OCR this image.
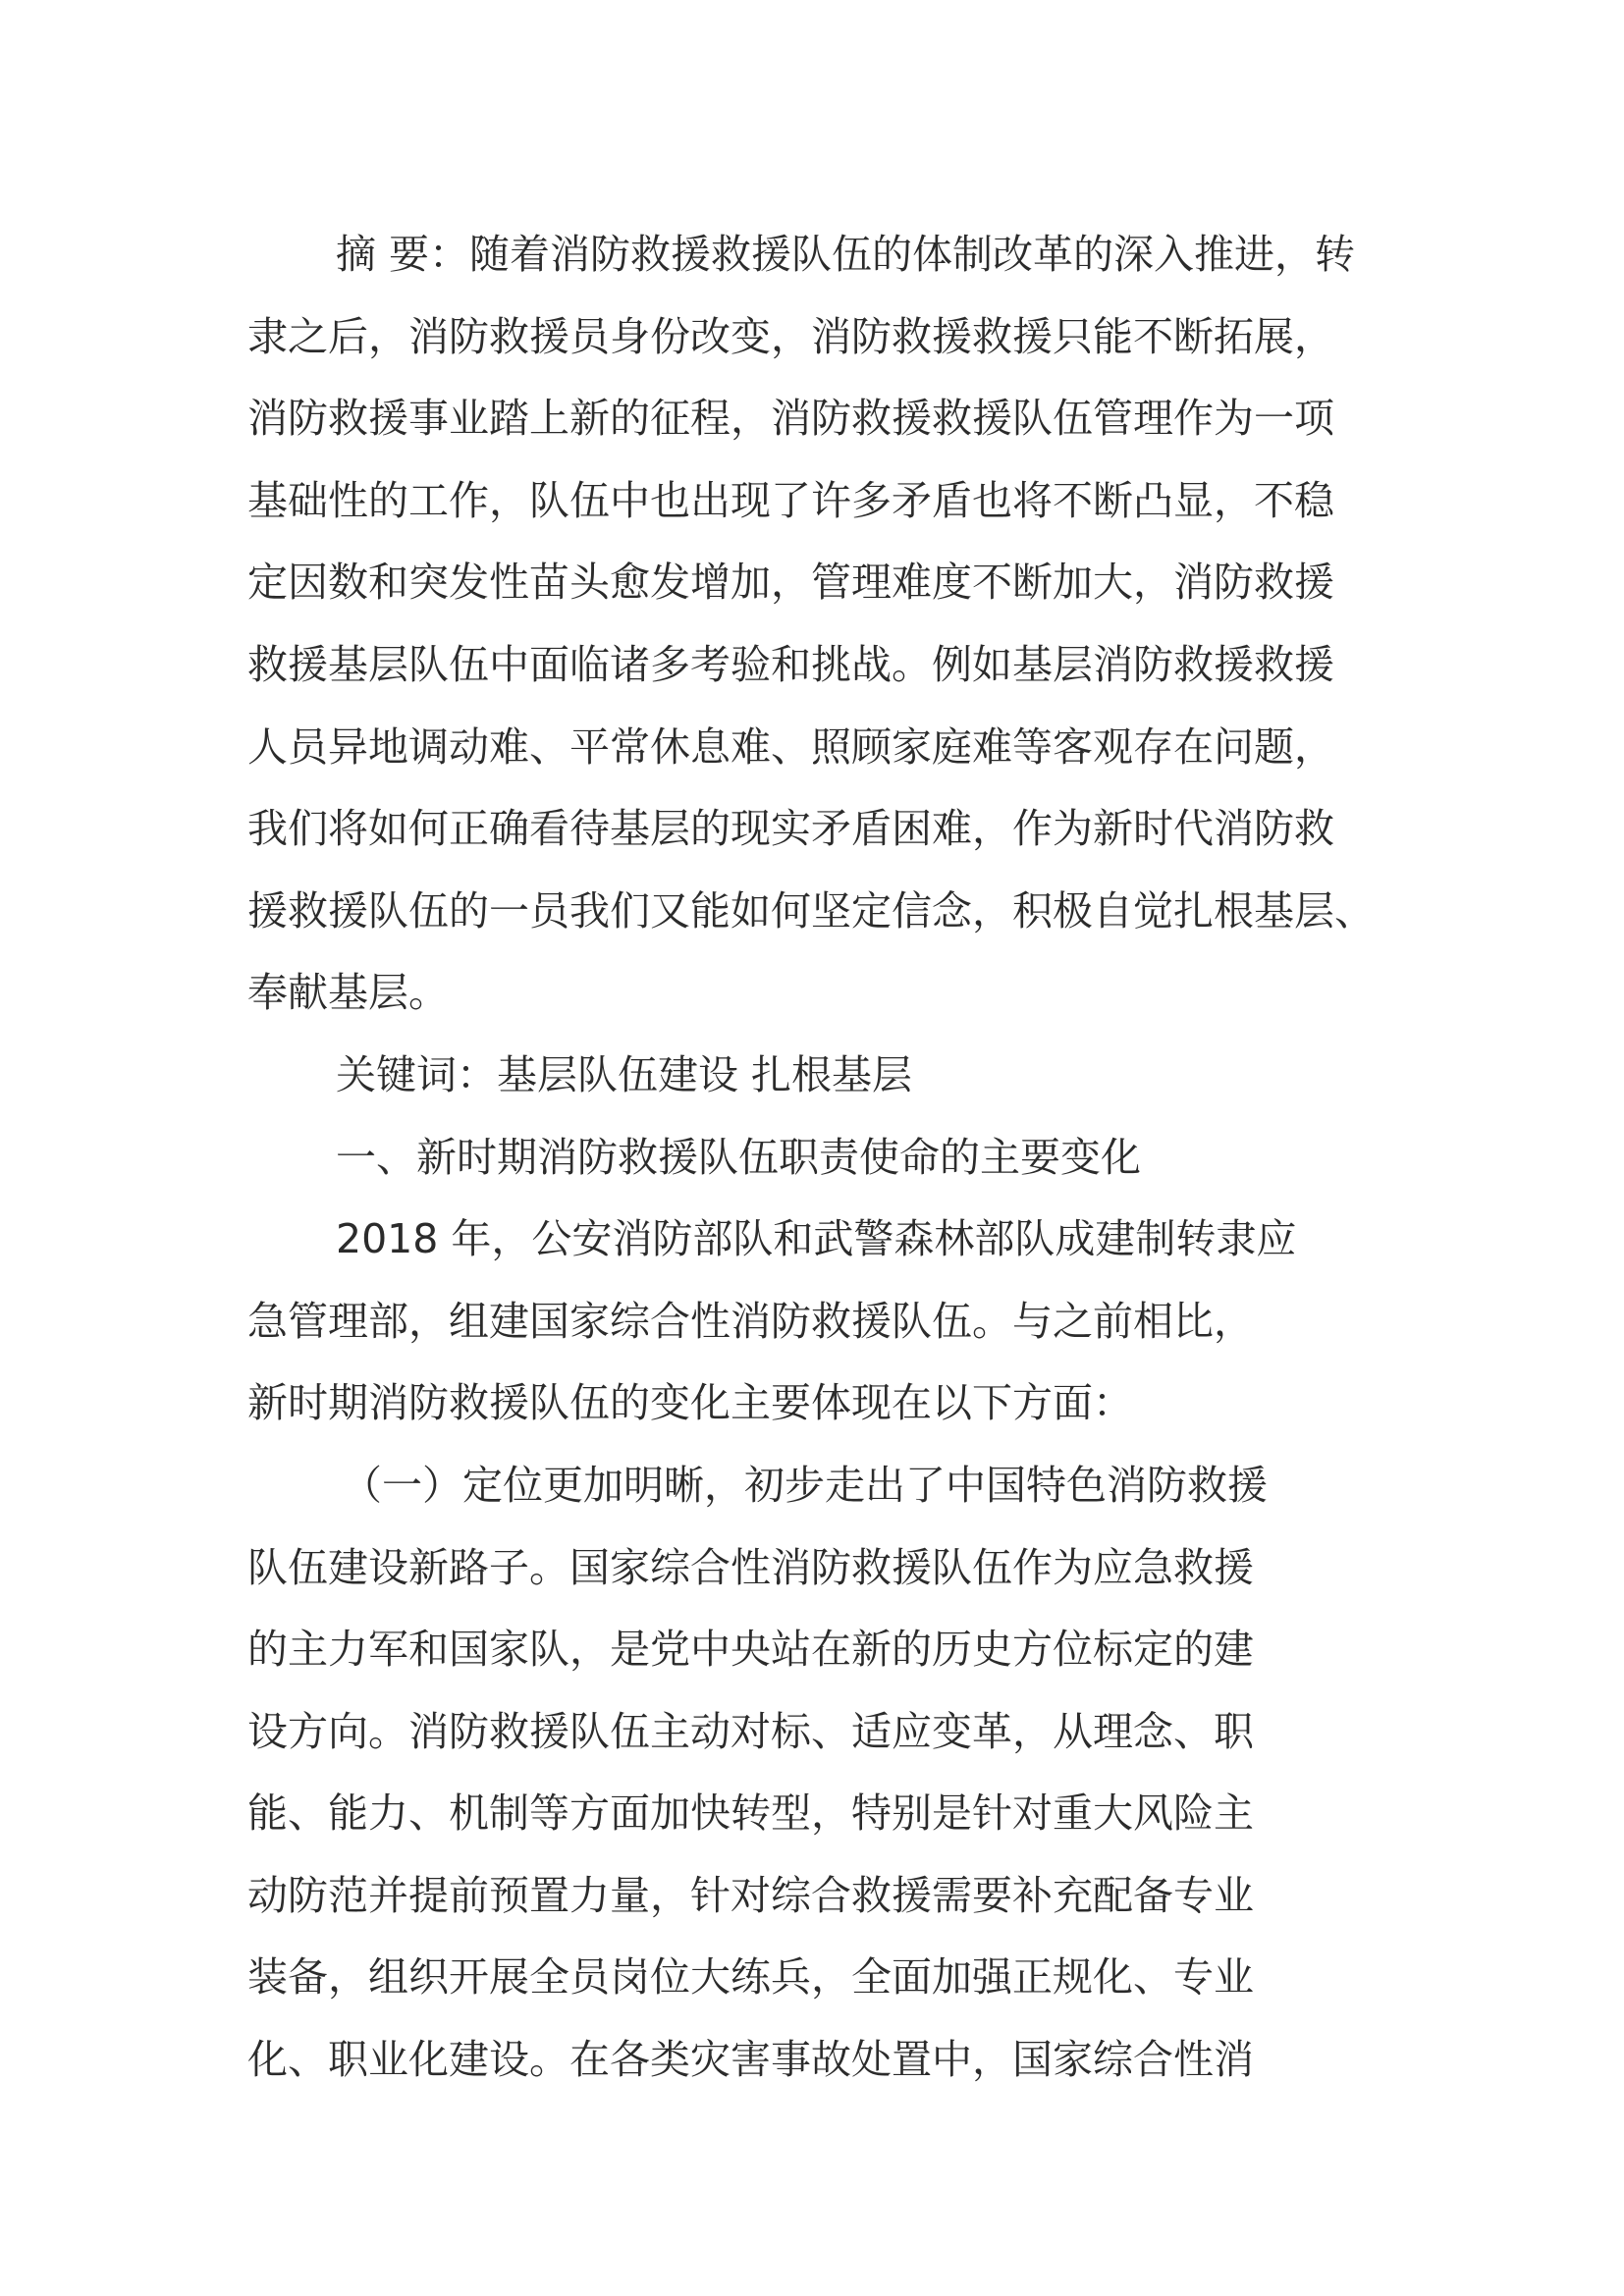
摘 要：随着消防救援救援队伍的体制改革的深入推进，转
隶之后，消防救援员身份改变，消防救援救援只能不断拓展，
消防救援事业踏上新的征程，消防救援救援队伍管理作为一项
基础性的工作，队伍中也出现了许多矛盾也将不断凸显，不稳
定因数和突发性苗头愈发增加，管理难度不断加大，消防救援
救援基层队伍中面临诸多考验和挑战。例如基层消防救援救援
人员异地调动难、平常休息难、照顾家庭难等客观存在问题，
我们将如何正确看待基层的现实矛盾困难，作为新时代消防救
援救援队伍的一员我们又能如何坚定信念，积极自觉扎根基层、
奉献基层。
关键词：基层队伍建设 扎根基层
一、新时期消防救援队伍职责使命的主要变化
2018 年，公安消防部队和武警森林部队成建制转隶应
急管理部，组建国家综合性消防救援队伍。与之前相比，
新时期消防救援队伍的变化主要体现在以下方面：
（一）定位更加明晰，初步走出了中国特色消防救援
队伍建设新路子。国家综合性消防救援队伍作为应急救援
的主力军和国家队，是党中央站在新的历史方位标定的建
设方向。消防救援队伍主动对标、适应变革，从理念、职
能、能力、机制等方面加快转型，特别是针对重大风险主
动防范并提前预置力量，针对综合救援需要补充配备专业
装备，组织开展全员岗位大练兵，全面加强正规化、专业
化、职业化建设。在各类灾害事故处置中，国家综合性消
